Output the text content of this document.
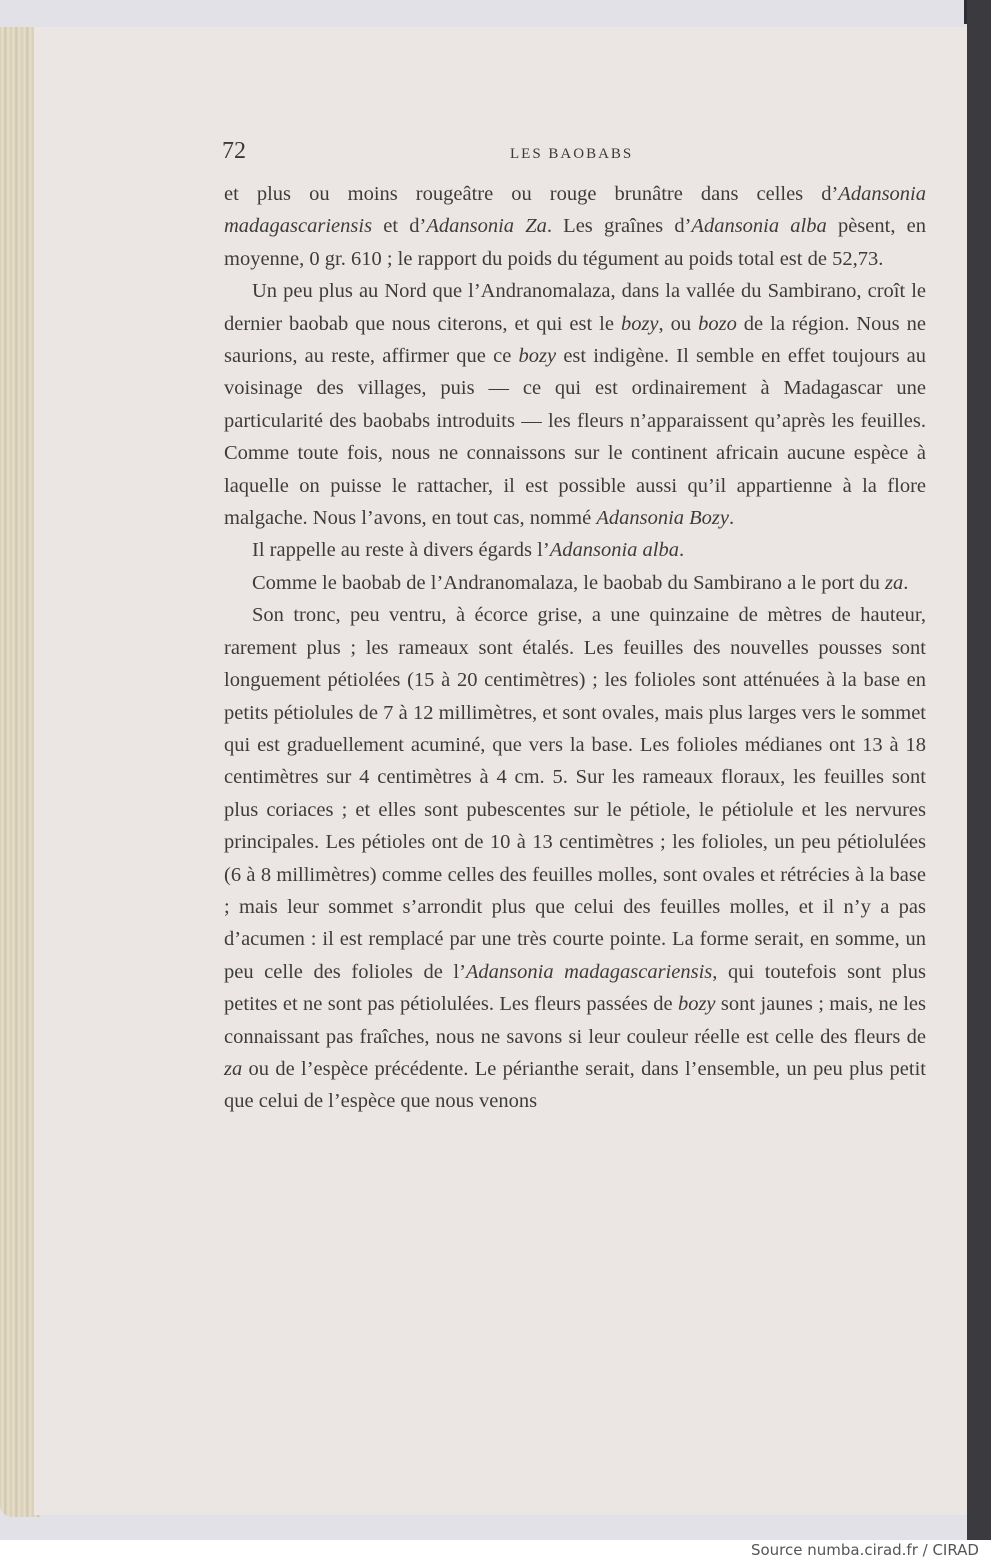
72	LES BAOBABS

et plus ou moins rougeâtre ou rouge brunâtre dans celles d’Adansonia madagascariensis et d’Adansonia Za. Les graînes d’Adansonia alba pèsent, en moyenne, 0 gr. 610 ; le rapport du poids du tégument au poids total est de 52,73.

Un peu plus au Nord que l’Andranomalaza, dans la vallée du Sambirano, croît le dernier baobab que nous citerons, et qui est le bozy, ou bozo de la région. Nous ne saurions, au reste, affirmer que ce bozy est indigène. Il semble en effet toujours au voisinage des villages, puis — ce qui est ordinairement à Madagascar une particularité des baobabs introduits — les fleurs n’apparaissent qu’après les feuilles. Comme toute fois, nous ne connaissons sur le continent africain aucune espèce à laquelle on puisse le rattacher, il est possible aussi qu’il appartienne à la flore malgache. Nous l’avons, en tout cas, nommé Adansonia Bozy.

Il rappelle au reste à divers égards l’Adansonia alba.

Comme le baobab de l’Andranomalaza, le baobab du Sambirano a le port du za.

Son tronc, peu ventru, à écorce grise, a une quinzaine de mètres de hauteur, rarement plus ; les rameaux sont étalés. Les feuilles des nouvelles pousses sont longuement pétiolées (15 à 20 centimètres) ; les folioles sont atténuées à la base en petits pétiolules de 7 à 12 millimètres, et sont ovales, mais plus larges vers le sommet qui est graduellement acuminé, que vers la base. Les folioles médianes ont 13 à 18 centimètres sur 4 centimètres à 4 cm. 5. Sur les rameaux floraux, les feuilles sont plus coriaces ; et elles sont pubescentes sur le pétiole, le pétiolule et les nervures principales. Les pétioles ont de 10 à 13 centimètres ; les folioles, un peu pétiolulées (6 à 8 millimètres) comme celles des feuilles molles, sont ovales et rétrécies à la base ; mais leur sommet s’arrondit plus que celui des feuilles molles, et il n’y a pas d’acumen : il est remplacé par une très courte pointe. La forme serait, en somme, un peu celle des folioles de l’Adansonia madagascariensis, qui toutefois sont plus petites et ne sont pas pétiolulées. Les fleurs passées de bozy sont jaunes ; mais, ne les connaissant pas fraîches, nous ne savons si leur couleur réelle est celle des fleurs de za ou de l’espèce précédente. Le périanthe serait, dans l’ensemble, un peu plus petit que celui de l’espèce que nous venons

Source numba.cirad.fr / CIRAD
